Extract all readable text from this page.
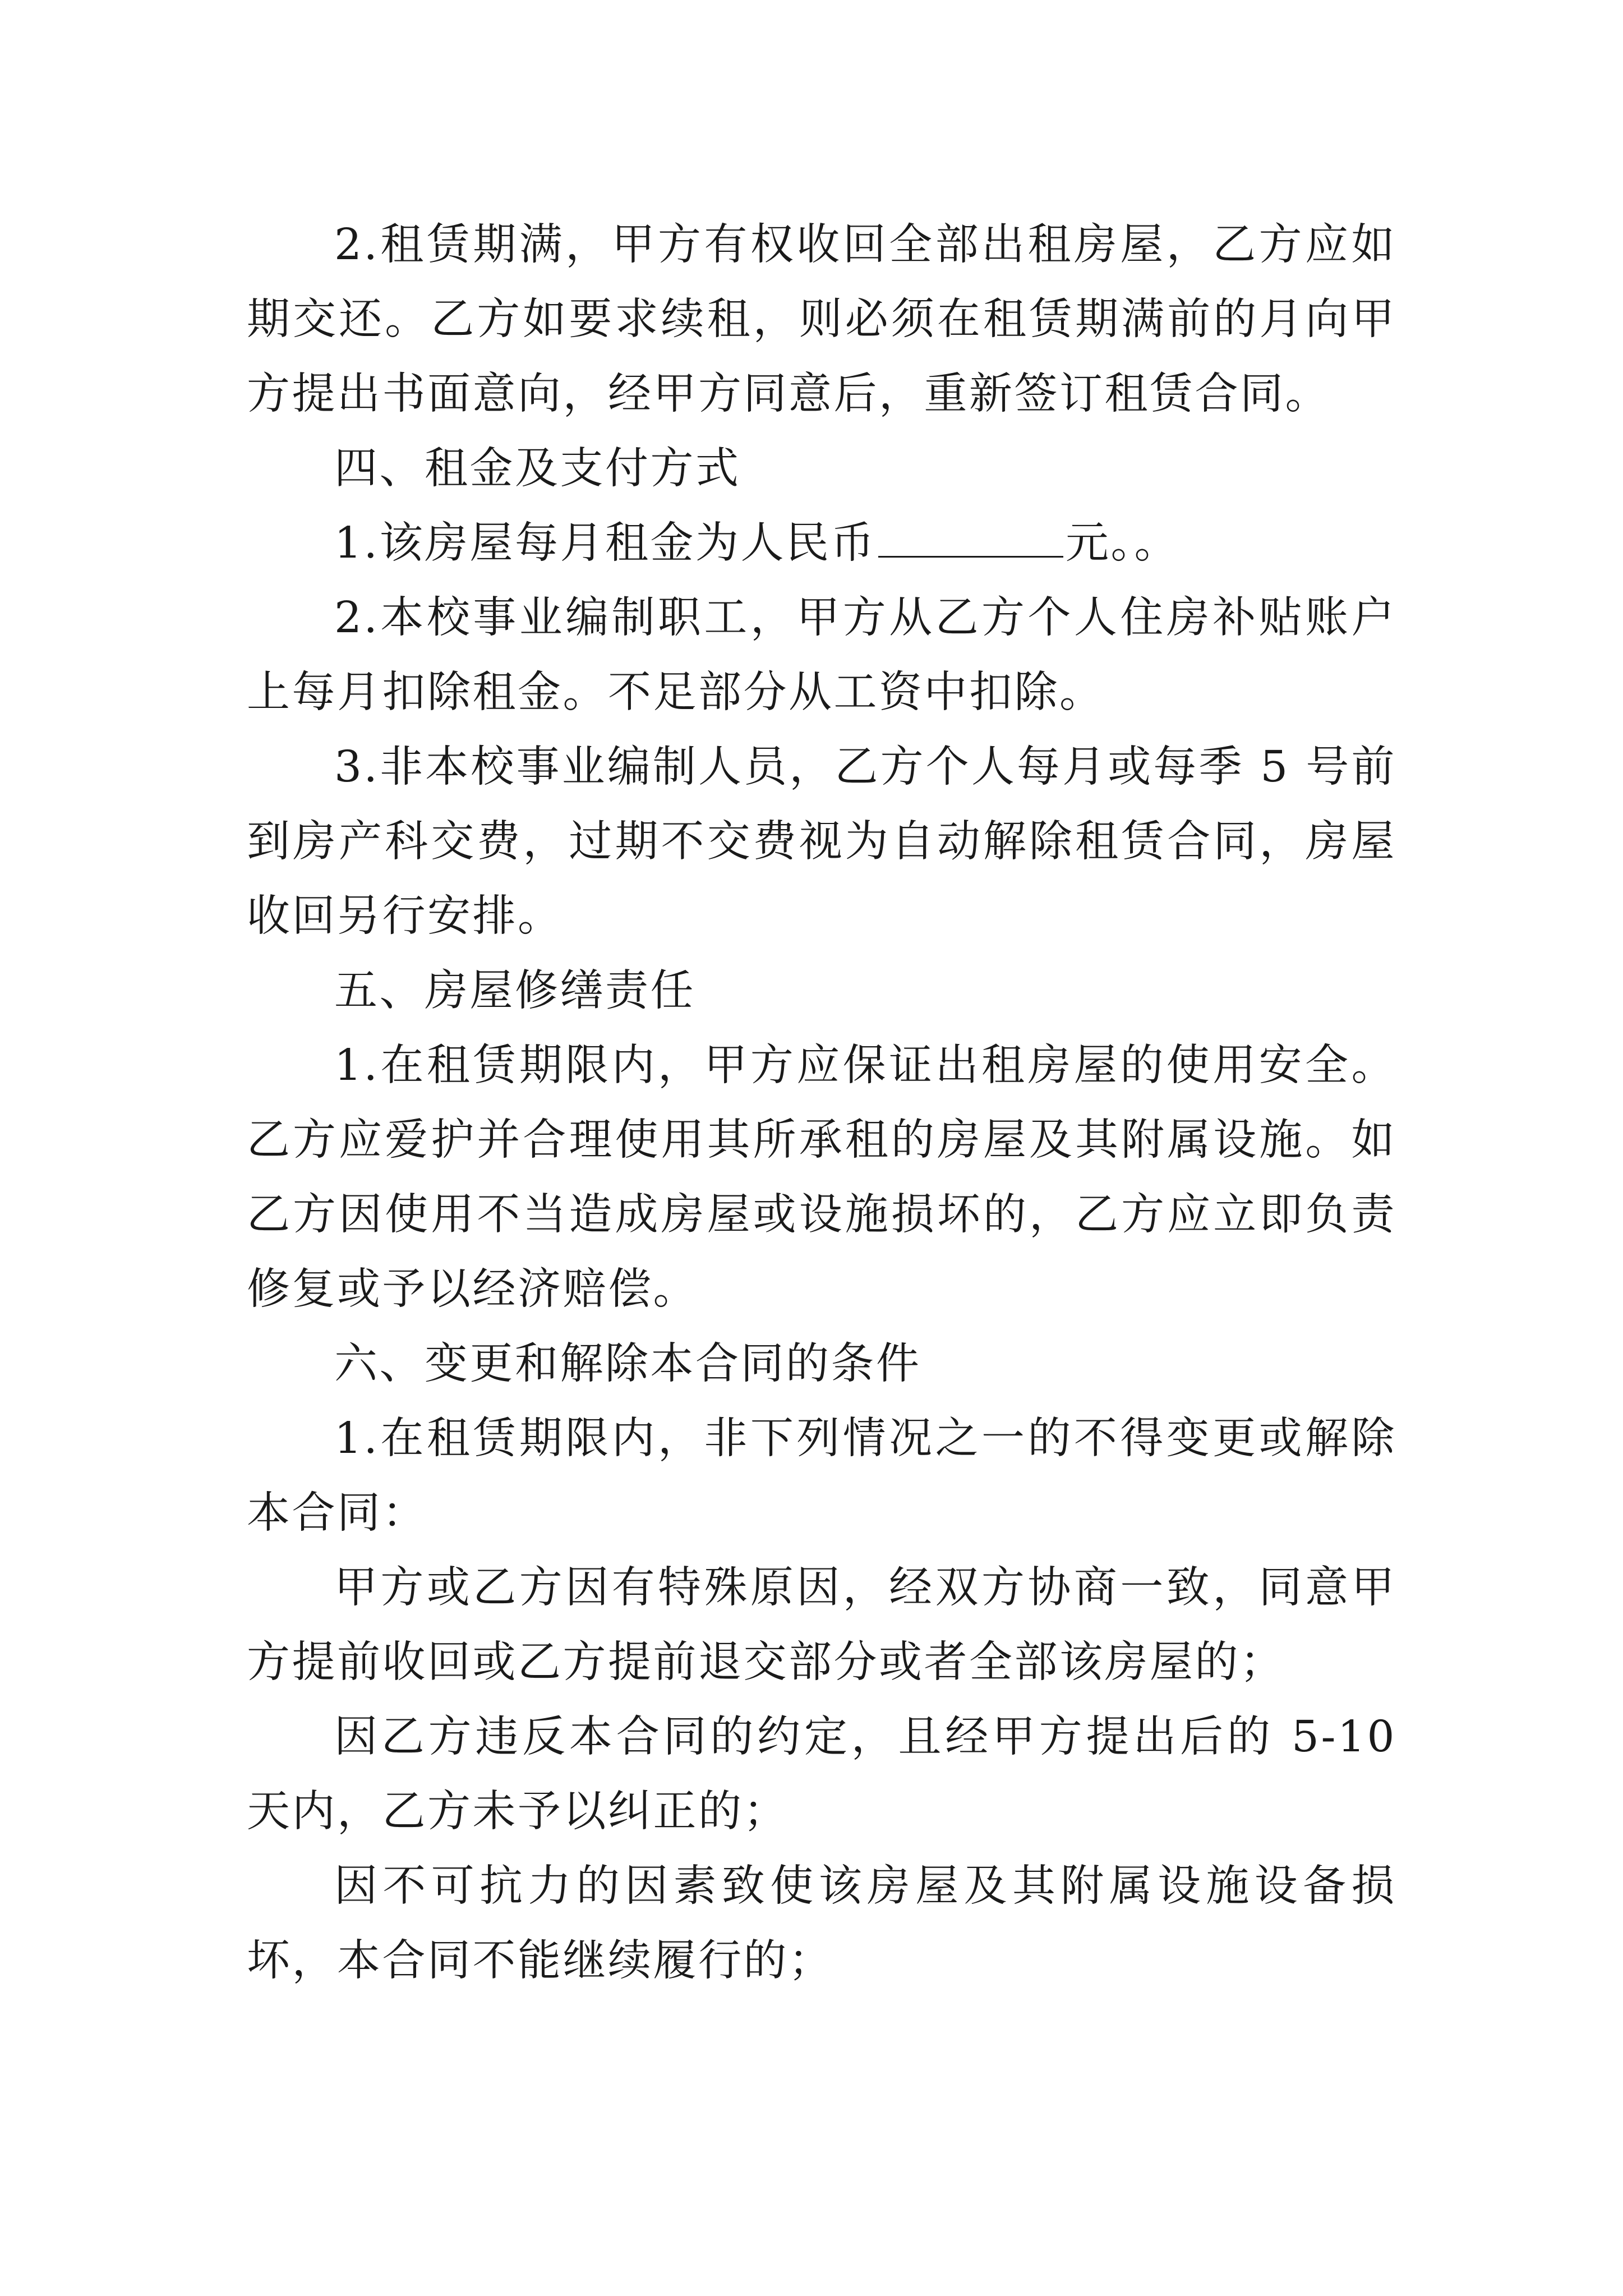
2.租赁期满，甲方有权收回全部出租房屋，乙方应如期交还。乙方如要求续租，则必须在租赁期满前的月向甲方提出书面意向，经甲方同意后，重新签订租赁合同。

四、租金及支付方式

1.该房屋每月租金为人民币	元。。

2.本校事业编制职工，甲方从乙方个人住房补贴账户上每月扣除租金。不足部分从工资中扣除。

3.非本校事业编制人员，乙方个人每月或每季 5 号前到房产科交费，过期不交费视为自动解除租赁合同，房屋收回另行安排。

五、房屋修缮责任

1.在租赁期限内，甲方应保证出租房屋的使用安全。乙方应爱护并合理使用其所承租的房屋及其附属设施。如乙方因使用不当造成房屋或设施损坏的，乙方应立即负责修复或予以经济赔偿。

六、变更和解除本合同的条件

1.在租赁期限内，非下列情况之一的不得变更或解除本合同：

甲方或乙方因有特殊原因，经双方协商一致，同意甲方提前收回或乙方提前退交部分或者全部该房屋的；

因乙方违反本合同的约定，且经甲方提出后的 5-10 天内，乙方未予以纠正的；

因不可抗力的因素致使该房屋及其附属设施设备损坏，本合同不能继续履行的；
